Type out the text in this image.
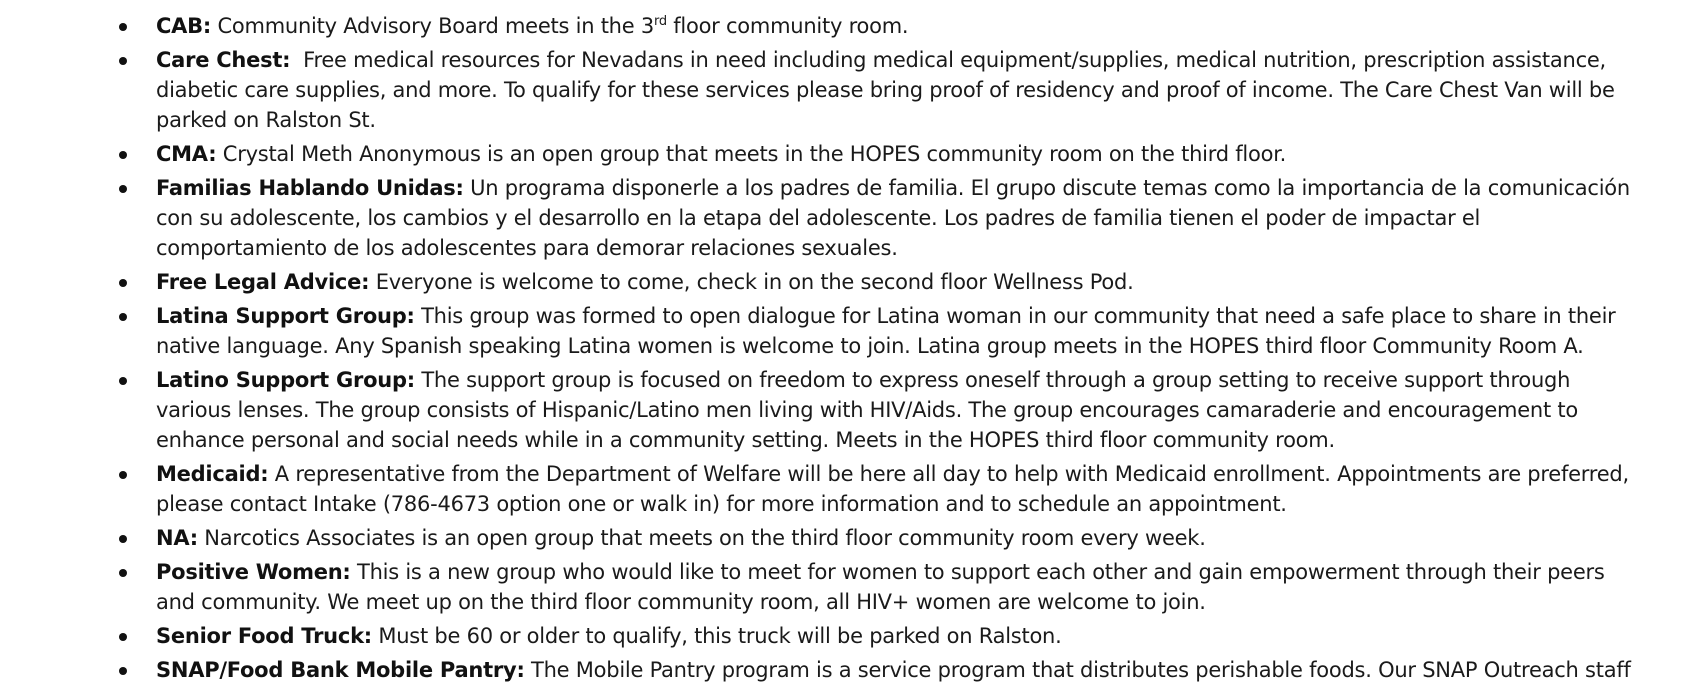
CAB: Community Advisory Board meets in the 3rd floor community room.
Care Chest:  Free medical resources for Nevadans in need including medical equipment/supplies, medical nutrition, prescription assistance, diabetic care supplies, and more. To qualify for these services please bring proof of residency and proof of income. The Care Chest Van will be parked on Ralston St.
CMA: Crystal Meth Anonymous is an open group that meets in the HOPES community room on the third floor.
Familias Hablando Unidas: Un programa disponerle a los padres de familia. El grupo discute temas como la importancia de la comunicación con su adolescente, los cambios y el desarrollo en la etapa del adolescente. Los padres de familia tienen el poder de impactar el comportamiento de los adolescentes para demorar relaciones sexuales.
Free Legal Advice: Everyone is welcome to come, check in on the second floor Wellness Pod.
Latina Support Group: This group was formed to open dialogue for Latina woman in our community that need a safe place to share in their native language. Any Spanish speaking Latina women is welcome to join. Latina group meets in the HOPES third floor Community Room A.
Latino Support Group: The support group is focused on freedom to express oneself through a group setting to receive support through various lenses. The group consists of Hispanic/Latino men living with HIV/Aids. The group encourages camaraderie and encouragement to enhance personal and social needs while in a community setting. Meets in the HOPES third floor community room.
Medicaid: A representative from the Department of Welfare will be here all day to help with Medicaid enrollment. Appointments are preferred, please contact Intake (786-4673 option one or walk in) for more information and to schedule an appointment.
NA: Narcotics Associates is an open group that meets on the third floor community room every week.
Positive Women: This is a new group who would like to meet for women to support each other and gain empowerment through their peers and community. We meet up on the third floor community room, all HIV+ women are welcome to join.
Senior Food Truck: Must be 60 or older to qualify, this truck will be parked on Ralston.
SNAP/Food Bank Mobile Pantry: The Mobile Pantry program is a service program that distributes perishable foods. Our SNAP Outreach staff
